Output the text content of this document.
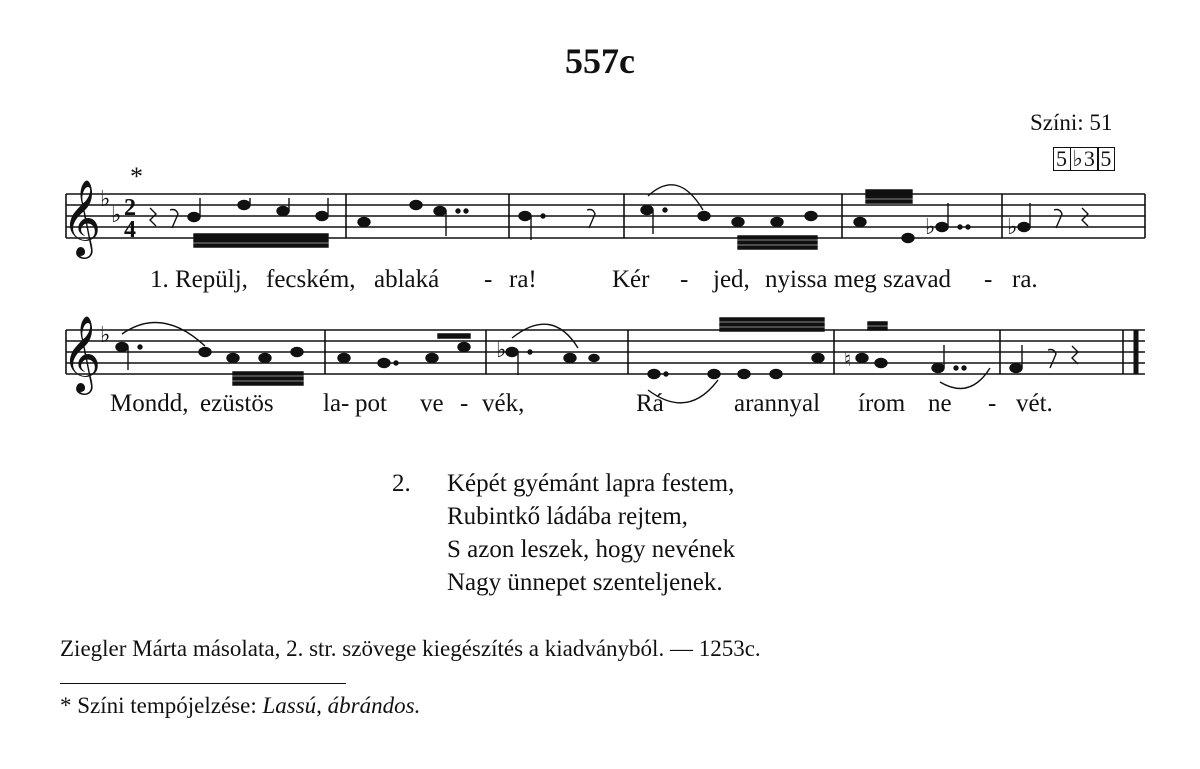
557c
Színi: 51
5 ♭3 5
𝄞
𝄞
♭
♭
♭
2
4
*
♭	♭
♭	♮
1. Repülj, fecském, ablaká - ra!	Kér - jed, nyissa meg szavad - ra.
Mondd, ezüstös la- pot ve - vék,	Rá	arannyal írom ne - vét.
2. Képét gyémánt lapra festem,
Rubintkő ládába rejtem,
S azon leszek, hogy nevének
Nagy ünnepet szenteljenek.
Ziegler Márta másolata, 2. str. szövege kiegészítés a kiadványból. — 1253c.
* Színi tempójelzése: Lassú, ábrándos.
